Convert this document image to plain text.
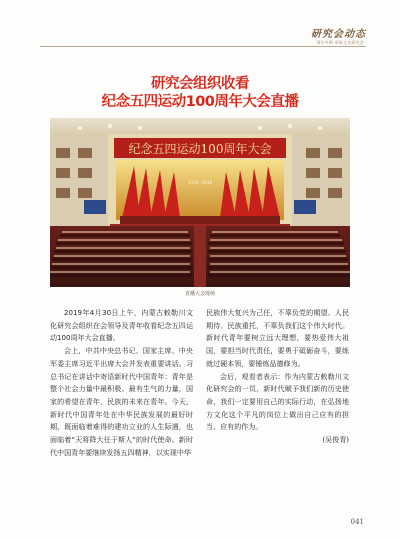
研究会动态
鄂尔多斯·草原文化研究会
研究会组织收看
纪念五四运动100周年大会直播
纪念五四运动100周年大会
1919—2019
直播大会现场

2019年4月30日上午，内蒙古敕勒川文化研究会组织在会领导及青年收看纪念五四运动100周年大会直播。

会上，中共中央总书记、国家主席、中央军委主席习近平出席大会并发表重要讲话。习总书记在讲话中寄语新时代中国青年：青年是整个社会力量中最积极、最有生气的力量，国家的希望在青年，民族的未来在青年。今天，新时代中国青年处在中华民族发展的最好时期，既面临着难得的建功立业的人生际遇，也面临着“天将降大任于斯人”的时代使命。新时代中国青年要继续发扬五四精神，以实现中华

民族伟大复兴为己任，不辜负党的期望、人民期待、民族重托，不辜负我们这个伟大时代。新时代青年要树立远大理想，要热爱伟大祖国，要担当时代责任，要勇于砥砺奋斗，要练就过硬本领，要锤炼品德修为。

会后，观看者表示：作为内蒙古敕勒川文化研究会的一员，新时代赋予我们新的历史使命，我们一定要用自己的实际行动，在弘扬地方文化这个平凡的岗位上做出自己应有的担当、应有的作为。

(吴俊青)
041
